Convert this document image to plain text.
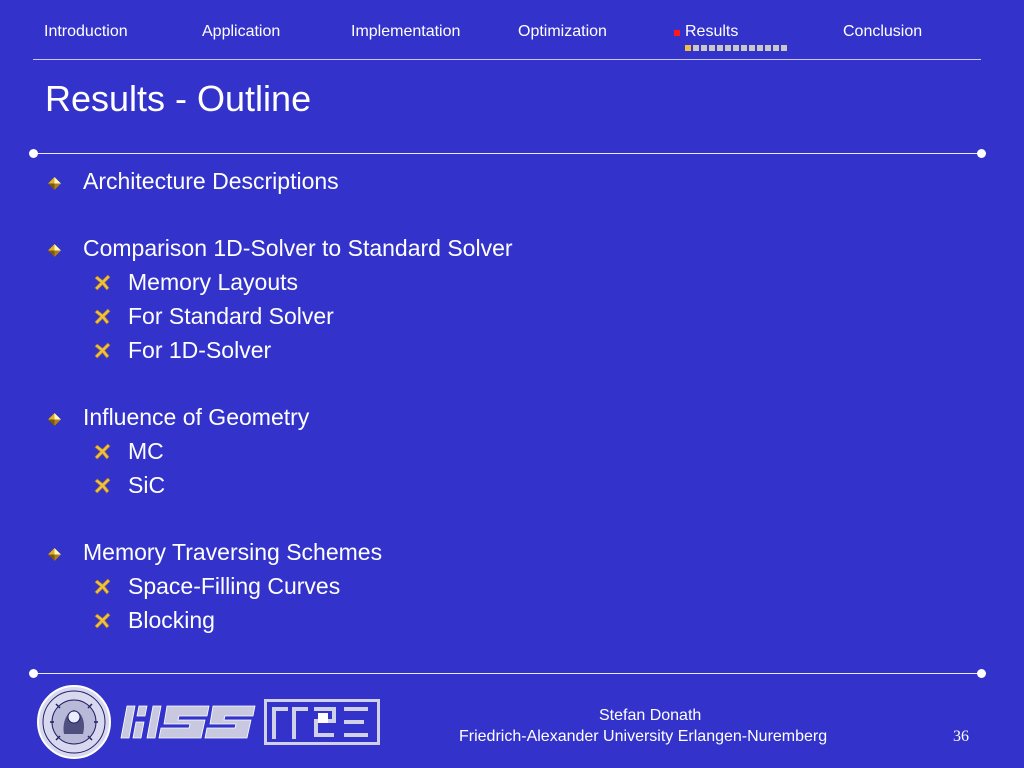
Introduction	Application	Implementation	Optimization	Results	Conclusion
Results - Outline
Architecture Descriptions
Comparison 1D-Solver to Standard Solver
Memory Layouts
For Standard Solver
For 1D-Solver
Influence of Geometry
MC
SiC
Memory Traversing Schemes
Space-Filling Curves
Blocking
Stefan Donath
Friedrich-Alexander University Erlangen-Nuremberg	36
